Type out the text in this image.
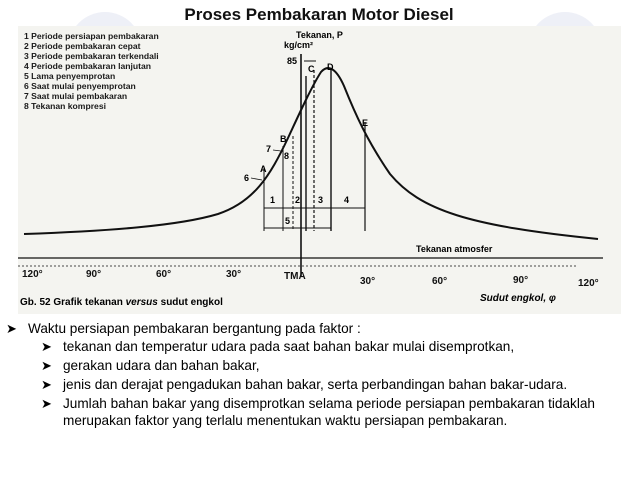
Proses Pembakaran Motor Diesel
1 Periode persiapan pembakaran
2 Periode pembakaran cepat
3 Periode pembakaran terkendali
4 Periode pembakaran lanjutan
5 Lama penyemprotan
6 Saat mulai penyemprotan
7 Saat mulai pembakaran
8 Tekanan kompresi
Tekanan, P
kg/cm²
85
A
B
C D
E
6
7
8
1 2 3 4
5
Tekanan atmosfer
120°	90°	60°	30°	TMA	30°	60°	90°	120°
Gb. 52 Grafik tekanan versus sudut engkol	Sudut engkol, φ
➤ Waktu persiapan pembakaran bergantung pada faktor :
➤ tekanan dan temperatur udara pada saat bahan bakar mulai disemprotkan,
➤ gerakan udara dan bahan bakar,
➤ jenis dan derajat pengadukan bahan bakar, serta perbandingan bahan bakar-udara.
➤ Jumlah bahan bakar yang disemprotkan selama periode persiapan pembakaran tidaklah merupakan faktor yang terlalu menentukan waktu persiapan pembakaran.
